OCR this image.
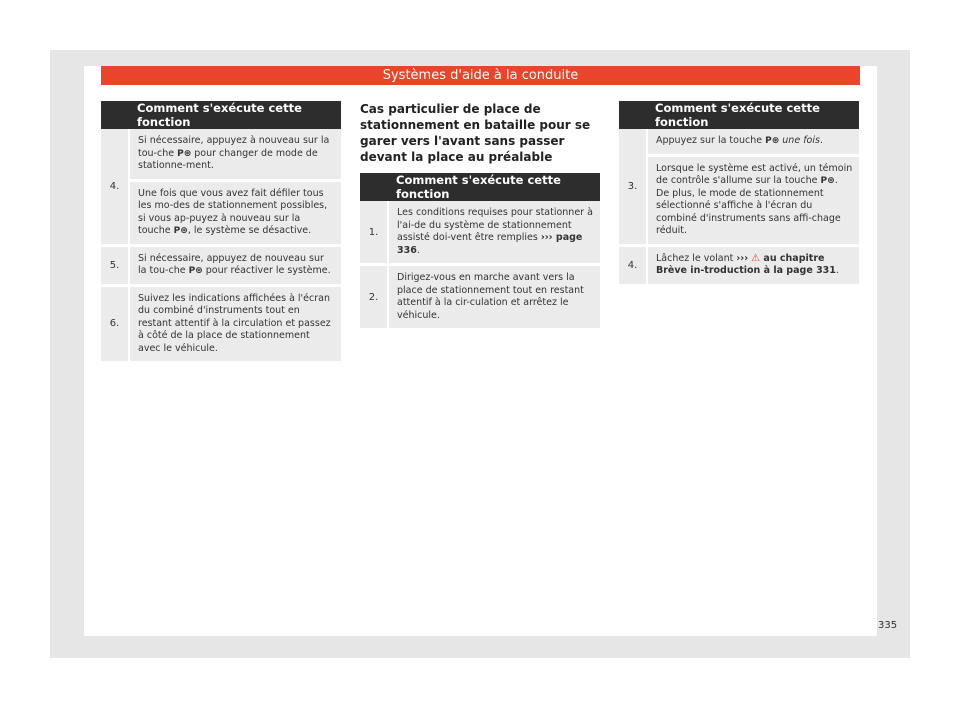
Systèmes d'aide à la conduite
	Comment s'exécute cette fonction
4.	Si nécessaire, appuyez à nouveau sur la tou-che P⊛ pour changer de mode de stationne-ment.
Une fois que vous avez fait défiler tous les mo-des de stationnement possibles, si vous ap-puyez à nouveau sur la touche P⊛, le système se désactive.

5.	Si nécessaire, appuyez de nouveau sur la tou-che P⊛ pour réactiver le système.
6.	Suivez les indications affichées à l'écran du combiné d'instruments tout en restant attentif à la circulation et passez à côté de la place de stationnement avec le véhicule.
Cas particulier de place de stationnement en bataille pour se garer vers l'avant sans passer devant la place au préalable
	Comment s'exécute cette fonction
1.	Les conditions requises pour stationner à l'ai-de du système de stationnement assisté doi-vent être remplies ››› page 336.
2.	Dirigez-vous en marche avant vers la place de stationnement tout en restant attentif à la cir-culation et arrêtez le véhicule.
	Comment s'exécute cette fonction
3.	Appuyez sur la touche P⊛ une fois.
Lorsque le système est activé, un témoin de contrôle s'allume sur la touche P⊛. De plus, le mode de stationnement sélectionné s'affiche à l'écran du combiné d'instruments sans affi-chage réduit.

4.	Lâchez le volant ››› ⚠ au chapitre Brève in-troduction à la page 331.
335
